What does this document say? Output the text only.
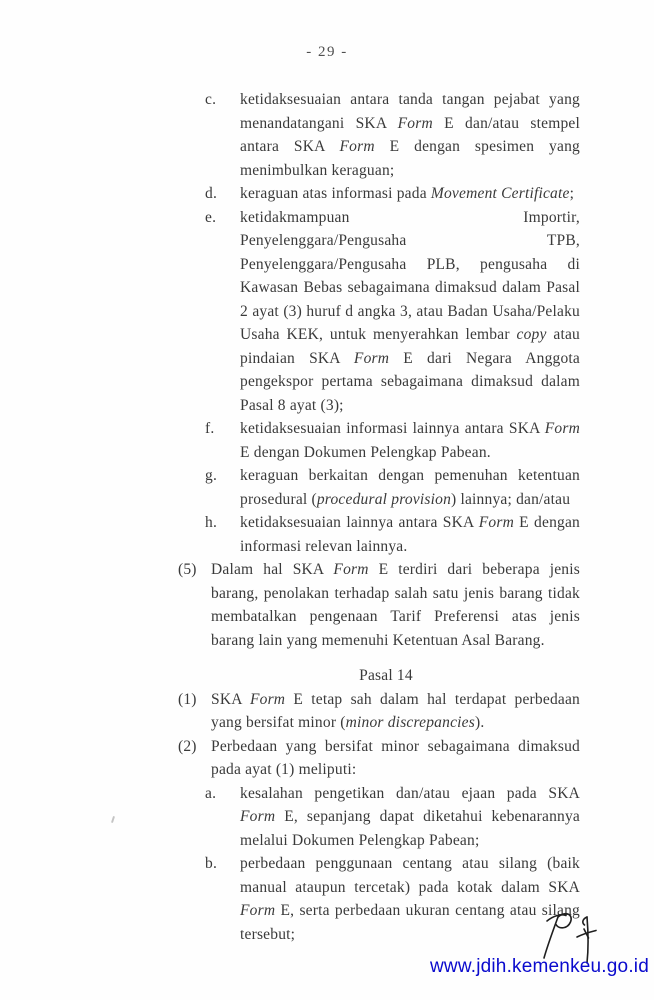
- 29 -
c.	ketidaksesuaian antara tanda tangan pejabat yang menandatangani SKA Form E dan/atau stempel antara SKA Form E dengan spesimen yang menimbulkan keraguan;
d.	keraguan atas informasi pada Movement Certificate;
e.	ketidakmampuan Importir, Penyelenggara/Pengusaha TPB, Penyelenggara/Pengusaha PLB, pengusaha di Kawasan Bebas sebagaimana dimaksud dalam Pasal 2 ayat (3) huruf d angka 3, atau Badan Usaha/Pelaku Usaha KEK, untuk menyerahkan lembar copy atau pindaian SKA Form E dari Negara Anggota pengekspor pertama sebagaimana dimaksud dalam Pasal 8 ayat (3);
f.	ketidaksesuaian informasi lainnya antara SKA Form E dengan Dokumen Pelengkap Pabean.
g.	keraguan berkaitan dengan pemenuhan ketentuan prosedural (procedural provision) lainnya; dan/atau
h.	ketidaksesuaian lainnya antara SKA Form E dengan informasi relevan lainnya.
(5) Dalam hal SKA Form E terdiri dari beberapa jenis barang, penolakan terhadap salah satu jenis barang tidak membatalkan pengenaan Tarif Preferensi atas jenis barang lain yang memenuhi Ketentuan Asal Barang.
Pasal 14
(1) SKA Form E tetap sah dalam hal terdapat perbedaan yang bersifat minor (minor discrepancies).
(2) Perbedaan yang bersifat minor sebagaimana dimaksud pada ayat (1) meliputi:
a.	kesalahan pengetikan dan/atau ejaan pada SKA Form E, sepanjang dapat diketahui kebenarannya melalui Dokumen Pelengkap Pabean;
b.	perbedaan penggunaan centang atau silang (baik manual ataupun tercetak) pada kotak dalam SKA Form E, serta perbedaan ukuran centang atau silang tersebut;
www.jdih.kemenkeu.go.id
